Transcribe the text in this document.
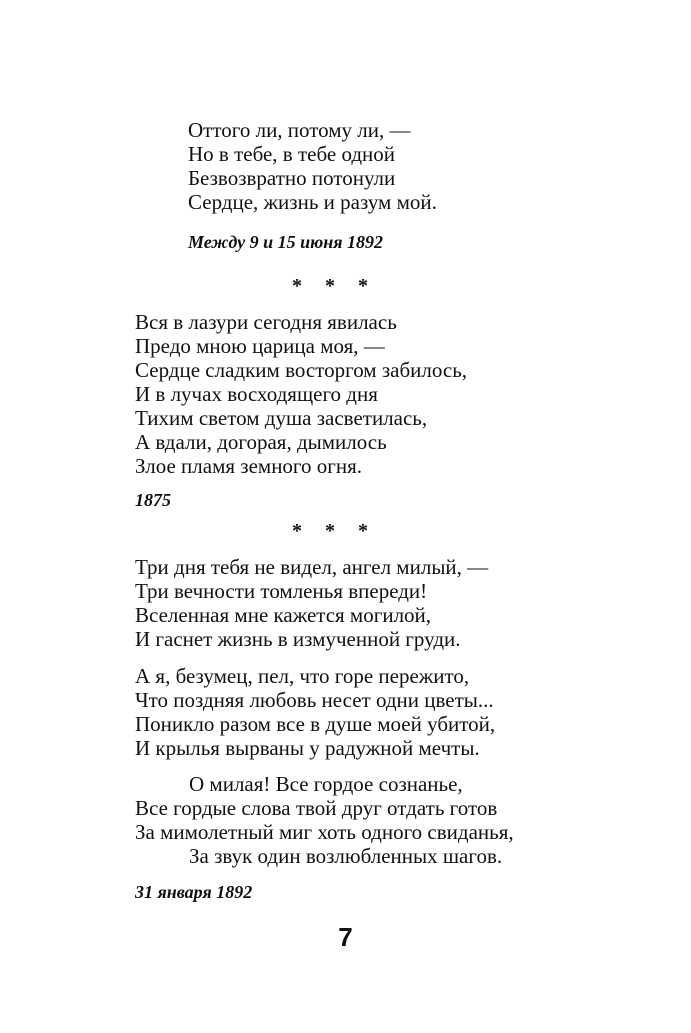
Оттого ли, потому ли, —
Но в тебе, в тебе одной
Безвозвратно потонули
Сердце, жизнь и разум мой.
Между 9 и 15 июня 1892
* * *
Вся в лазури сегодня явилась
Предо мною царица моя, —
Сердце сладким восторгом забилось,
И в лучах восходящего дня
Тихим светом душа засветилась,
А вдали, догорая, дымилось
Злое пламя земного огня.
1875
* * *
Три дня тебя не видел, ангел милый, —
Три вечности томленья впереди!
Вселенная мне кажется могилой,
И гаснет жизнь в измученной груди.
А я, безумец, пел, что горе пережито,
Что поздняя любовь несет одни цветы...
Поникло разом все в душе моей убитой,
И крылья вырваны у радужной мечты.
О милая! Все гордое сознанье,
Все гордые слова твой друг отдать готов
За мимолетный миг хоть одного свиданья,
За звук один возлюбленных шагов.
31 января 1892
7
